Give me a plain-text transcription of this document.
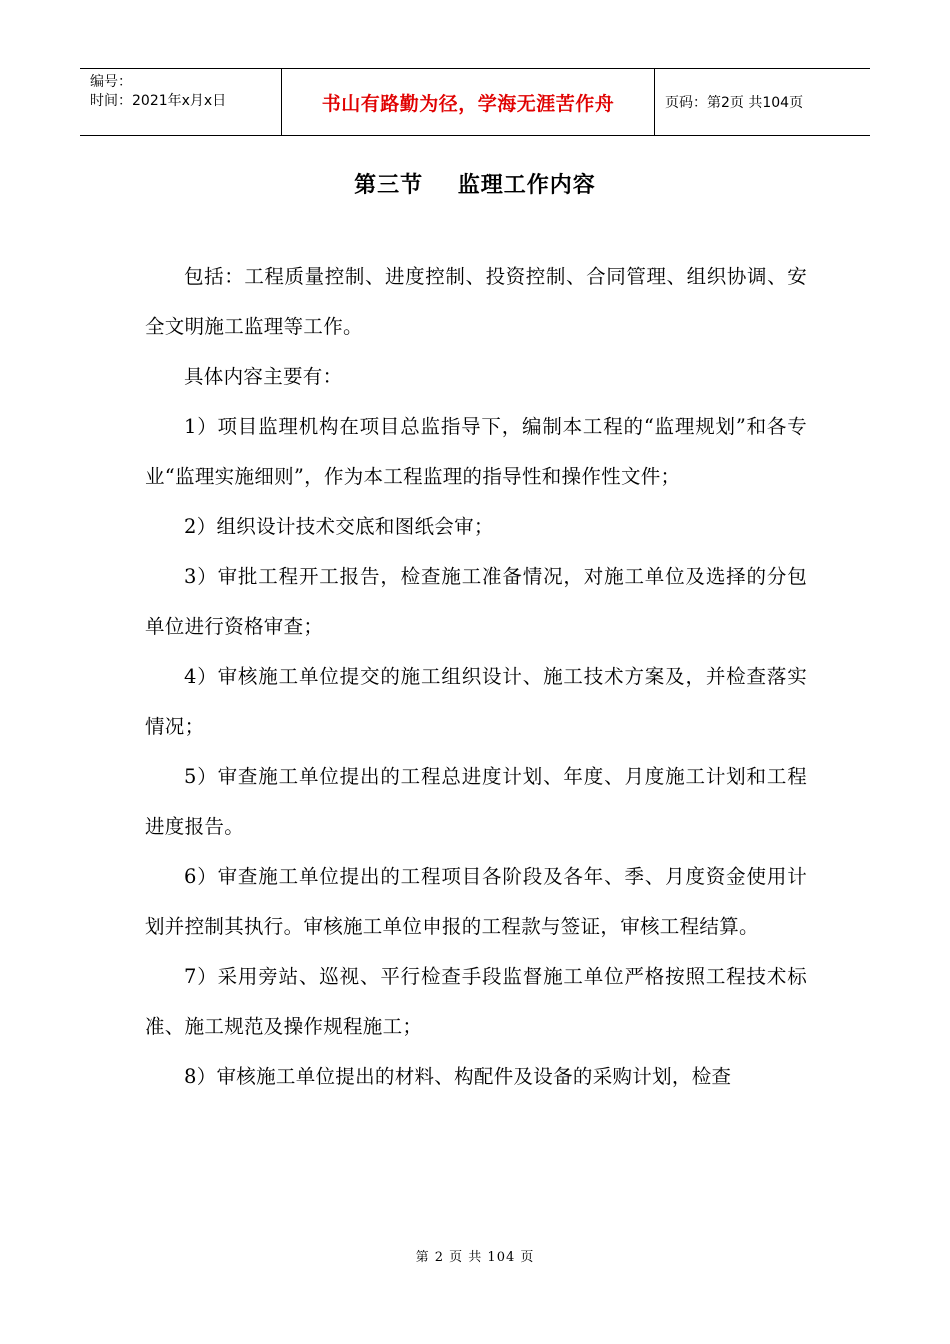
编号：
时间：2021年x月x日	书山有路勤为径，学海无涯苦作舟	页码：第2页 共104页
第三节    监理工作内容

包括：工程质量控制、进度控制、投资控制、合同管理、组织协调、安全文明施工监理等工作。

具体内容主要有：

1）项目监理机构在项目总监指导下，编制本工程的“监理规划”和各专业“监理实施细则”，作为本工程监理的指导性和操作性文件；

2）组织设计技术交底和图纸会审；

3）审批工程开工报告，检查施工准备情况，对施工单位及选择的分包单位进行资格审查；

4）审核施工单位提交的施工组织设计、施工技术方案及，并检查落实情况；

5）审查施工单位提出的工程总进度计划、年度、月度施工计划和工程进度报告。

6）审查施工单位提出的工程项目各阶段及各年、季、月度资金使用计划并控制其执行。审核施工单位申报的工程款与签证，审核工程结算。

7）采用旁站、巡视、平行检查手段监督施工单位严格按照工程技术标准、施工规范及操作规程施工；

8）审核施工单位提出的材料、构配件及设备的采购计划，检查

第 2 页 共 104 页
